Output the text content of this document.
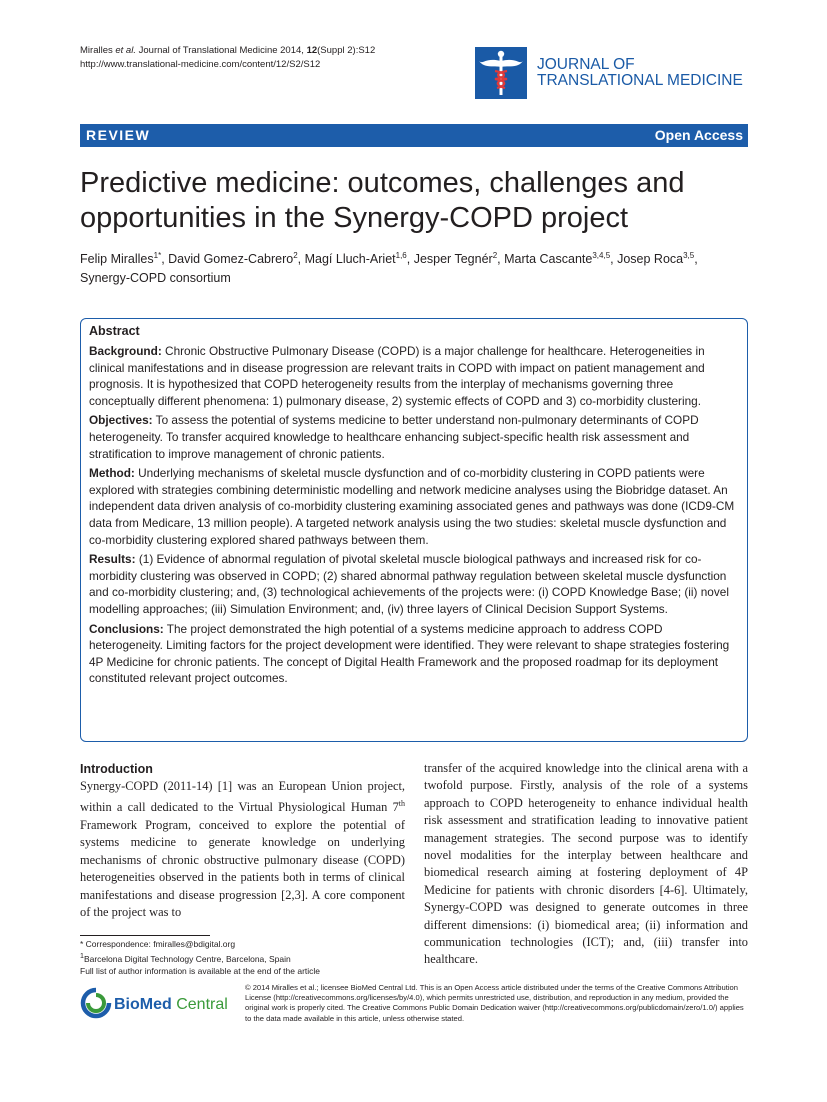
Miralles et al. Journal of Translational Medicine 2014, 12(Suppl 2):S12
http://www.translational-medicine.com/content/12/S2/S12	JOURNAL OF
TRANSLATIONAL MEDICINE
REVIEW	Open Access
Predictive medicine: outcomes, challenges and opportunities in the Synergy-COPD project
Felip Miralles$^{1*}$, David Gomez-Cabrero$^2$, Magí Lluch-Ariet$^{1,6}$, Jesper Tegnér$^2$, Marta Cascante$^{3,4,5}$, Josep Roca$^{3,5}$,
Synergy-COPD consortium

Abstract

Background: Chronic Obstructive Pulmonary Disease (COPD) is a major challenge for healthcare. Heterogeneities in clinical manifestations and in disease progression are relevant traits in COPD with impact on patient management and prognosis. It is hypothesized that COPD heterogeneity results from the interplay of mechanisms governing three conceptually different phenomena: 1) pulmonary disease, 2) systemic effects of COPD and 3) co-morbidity clustering.

Objectives: To assess the potential of systems medicine to better understand non-pulmonary determinants of COPD heterogeneity. To transfer acquired knowledge to healthcare enhancing subject-specific health risk assessment and stratification to improve management of chronic patients.

Method: Underlying mechanisms of skeletal muscle dysfunction and of co-morbidity clustering in COPD patients were explored with strategies combining deterministic modelling and network medicine analyses using the Biobridge dataset. An independent data driven analysis of co-morbidity clustering examining associated genes and pathways was done (ICD9-CM data from Medicare, 13 million people). A targeted network analysis using the two studies: skeletal muscle dysfunction and co-morbidity clustering explored shared pathways between them.

Results: (1) Evidence of abnormal regulation of pivotal skeletal muscle biological pathways and increased risk for co-morbidity clustering was observed in COPD; (2) shared abnormal pathway regulation between skeletal muscle dysfunction and co-morbidity clustering; and, (3) technological achievements of the projects were: (i) COPD Knowledge Base; (ii) novel modelling approaches; (iii) Simulation Environment; and, (iv) three layers of Clinical Decision Support Systems.

Conclusions: The project demonstrated the high potential of a systems medicine approach to address COPD heterogeneity. Limiting factors for the project development were identified. They were relevant to shape strategies fostering 4P Medicine for chronic patients. The concept of Digital Health Framework and the proposed roadmap for its deployment constituted relevant project outcomes.

Introduction
Synergy-COPD (2011-14) [1] was an European Union project, within a call dedicated to the Virtual Physiological Human 7th Framework Program, conceived to explore the potential of systems medicine to generate knowledge on underlying mechanisms of chronic obstructive pulmonary disease (COPD) heterogeneities observed in the patients both in terms of clinical manifestations and disease progression [2,3]. A core component of the project was to
transfer of the acquired knowledge into the clinical arena with a twofold purpose. Firstly, analysis of the role of a systems approach to COPD heterogeneity to enhance individual health risk assessment and stratification leading to innovative patient management strategies. The second purpose was to identify novel modalities for the interplay between healthcare and biomedical research aiming at fostering deployment of 4P Medicine for patients with chronic disorders [4-6]. Ultimately, Synergy-COPD was designed to generate outcomes in three different dimensions: (i) biomedical area; (ii) information and communication technologies (ICT); and, (iii) transfer into healthcare.
* Correspondence: fmiralles@bdigital.org
$^1$Barcelona Digital Technology Centre, Barcelona, Spain
Full list of author information is available at the end of the article
BioMed Central
© 2014 Miralles et al.; licensee BioMed Central Ltd. This is an Open Access article distributed under the terms of the Creative Commons Attribution License (http://creativecommons.org/licenses/by/4.0), which permits unrestricted use, distribution, and reproduction in any medium, provided the original work is properly cited. The Creative Commons Public Domain Dedication waiver (http://creativecommons.org/publicdomain/zero/1.0/) applies to the data made available in this article, unless otherwise stated.
